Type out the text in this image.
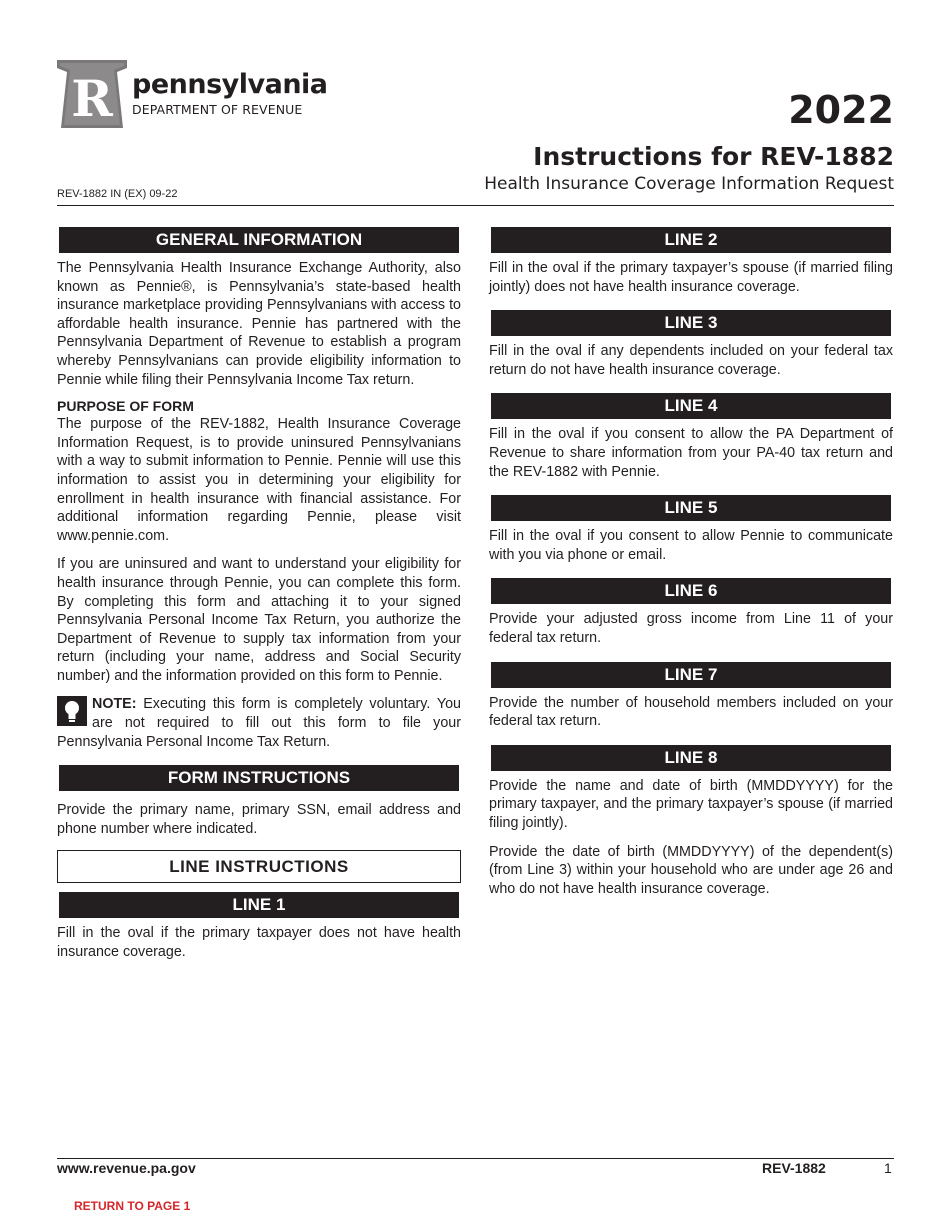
R pennsylvania
DEPARTMENT OF REVENUE	2022
Instructions for REV-1882
Health Insurance Coverage Information Request
REV-1882 IN (EX) 09-22
GENERAL INFORMATION

The Pennsylvania Health Insurance Exchange Authority, also known as Pennie®, is Pennsylvania’s state-based health insurance marketplace providing Pennsylvanians with access to affordable health insurance. Pennie has partnered with the Pennsylvania Department of Revenue to establish a program whereby Pennsylvanians can provide eligibility information to Pennie while filing their Pennsylvania Income Tax return.

PURPOSE OF FORM

The purpose of the REV-1882, Health Insurance Coverage Information Request, is to provide uninsured Pennsylvanians with a way to submit information to Pennie. Pennie will use this information to assist you in determining your eligibility for enrollment in health insurance with financial assistance. For additional information regarding Pennie, please visit www.pennie.com.

If you are uninsured and want to understand your eligibility for health insurance through Pennie, you can complete this form. By completing this form and attaching it to your signed Pennsylvania Personal Income Tax Return, you authorize the Department of Revenue to supply tax information from your return (including your name, address and Social Security number) and the information provided on this form to Pennie.

NOTE: Executing this form is completely voluntary. You are not required to fill out this form to file your Pennsylvania Personal Income Tax Return.

FORM INSTRUCTIONS

Provide the primary name, primary SSN, email address and phone number where indicated.

LINE INSTRUCTIONS
LINE 1

Fill in the oval if the primary taxpayer does not have health insurance coverage.

LINE 2

Fill in the oval if the primary taxpayer’s spouse (if married filing jointly) does not have health insurance coverage.

LINE 3

Fill in the oval if any dependents included on your federal tax return do not have health insurance coverage.

LINE 4

Fill in the oval if you consent to allow the PA Department of Revenue to share information from your PA-40 tax return and the REV-1882 with Pennie.

LINE 5

Fill in the oval if you consent to allow Pennie to communicate with you via phone or email.

LINE 6

Provide your adjusted gross income from Line 11 of your federal tax return.

LINE 7

Provide the number of household members included on your federal tax return.

LINE 8

Provide the name and date of birth (MMDDYYYY) for the primary taxpayer, and the primary taxpayer’s spouse (if married filing jointly).

Provide the date of birth (MMDDYYYY) of the dependent(s) (from Line 3) within your household who are under age 26 and who do not have health insurance coverage.

www.revenue.pa.gov	REV-1882	1
RETURN TO PAGE 1
